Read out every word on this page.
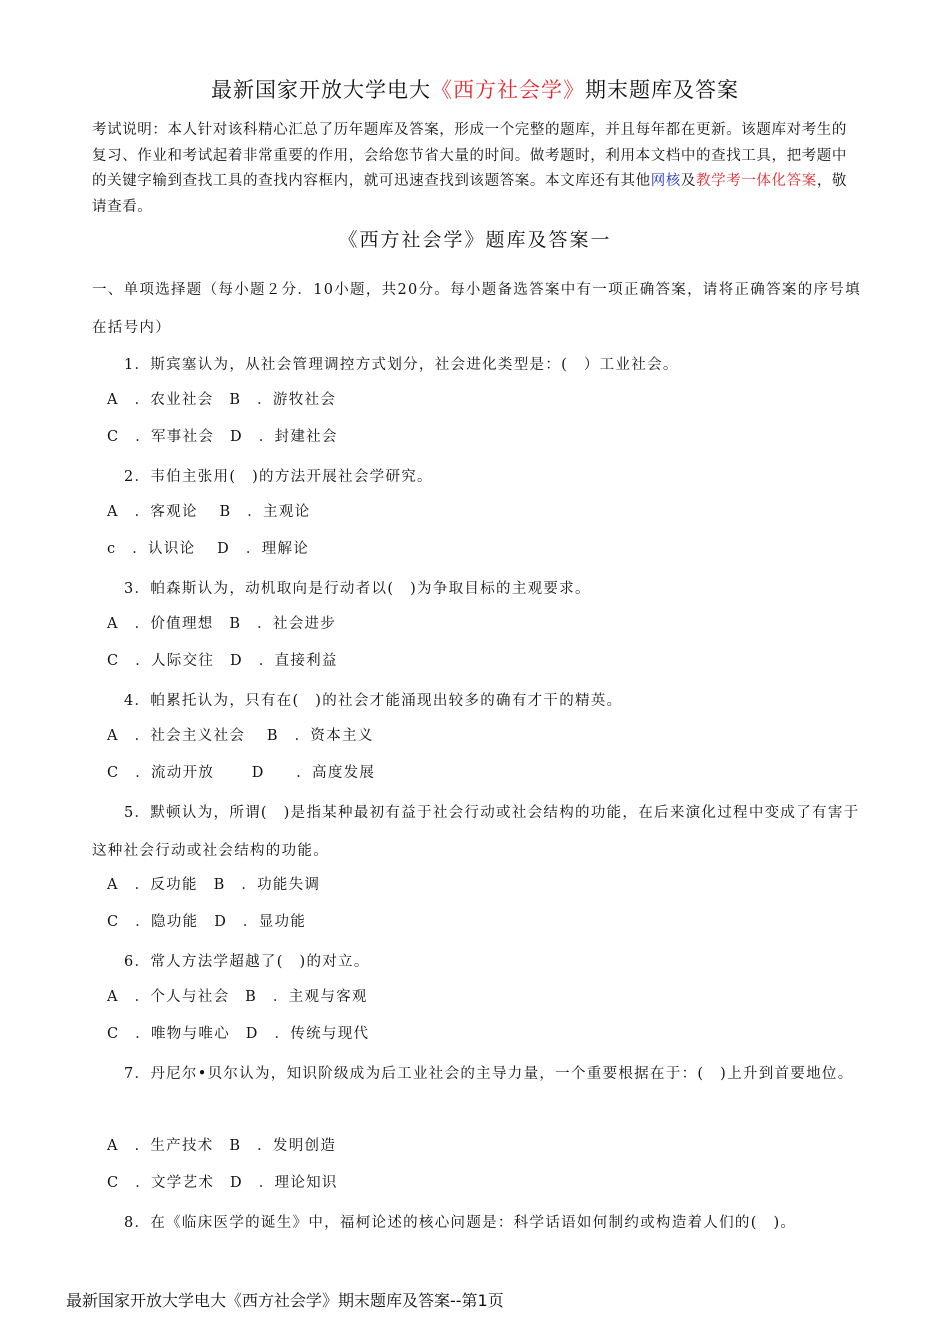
最新国家开放大学电大《西方社会学》期末题库及答案
考试说明：本人针对该科精心汇总了历年题库及答案，形成一个完整的题库，并且每年都在更新。该题库对考生的复习、作业和考试起着非常重要的作用，会给您节省大量的时间。做考题时，利用本文档中的查找工具，把考题中的关键字输到查找工具的查找内容框内，就可迅速查找到该题答案。本文库还有其他网核及教学考一体化答案，敬请查看。
《西方社会学》题库及答案一
一、单项选择题（每小题２分．10小题，共20分。每小题备选答案中有一项正确答案，请将正确答案的序号填在括号内）
1．斯宾塞认为，从社会管理调控方式划分，社会进化类型是：(　）工业社会。
A　．农业社会　B　．游牧社会
C　．军事社会　D　．封建社会
2．韦伯主张用(　)的方法开展社会学研究。
A　．客观论　 B　．主观论
c　．认识论　 D　．理解论
3．帕森斯认为，动机取向是行动者以(　)为争取目标的主观要求。
A　．价值理想　B　．社会进步
C　．人际交往　D　．直接利益
4．帕累托认为，只有在(　)的社会才能涌现出较多的确有才干的精英。
A　．社会主义社会　 B　．资本主义
C　．流动开放　　 D　　．高度发展
5．默顿认为，所谓(　)是指某种最初有益于社会行动或社会结构的功能，在后来演化过程中变成了有害于这种社会行动或社会结构的功能。
A　．反功能　B　．功能失调
C　．隐功能　D　．显功能
6．常人方法学超越了(　)的对立。
A　．个人与社会　B　．主观与客观
C　．唯物与唯心　D　．传统与现代
7．丹尼尔•贝尔认为，知识阶级成为后工业社会的主导力量，一个重要根据在于：(　)上升到首要地位。
A　．生产技术　B　．发明创造
C　．文学艺术　D　．理论知识
8．在《临床医学的诞生》中，福柯论述的核心问题是：科学话语如何制约或构造着人们的(　)。
最新国家开放大学电大《西方社会学》期末题库及答案--第1页
